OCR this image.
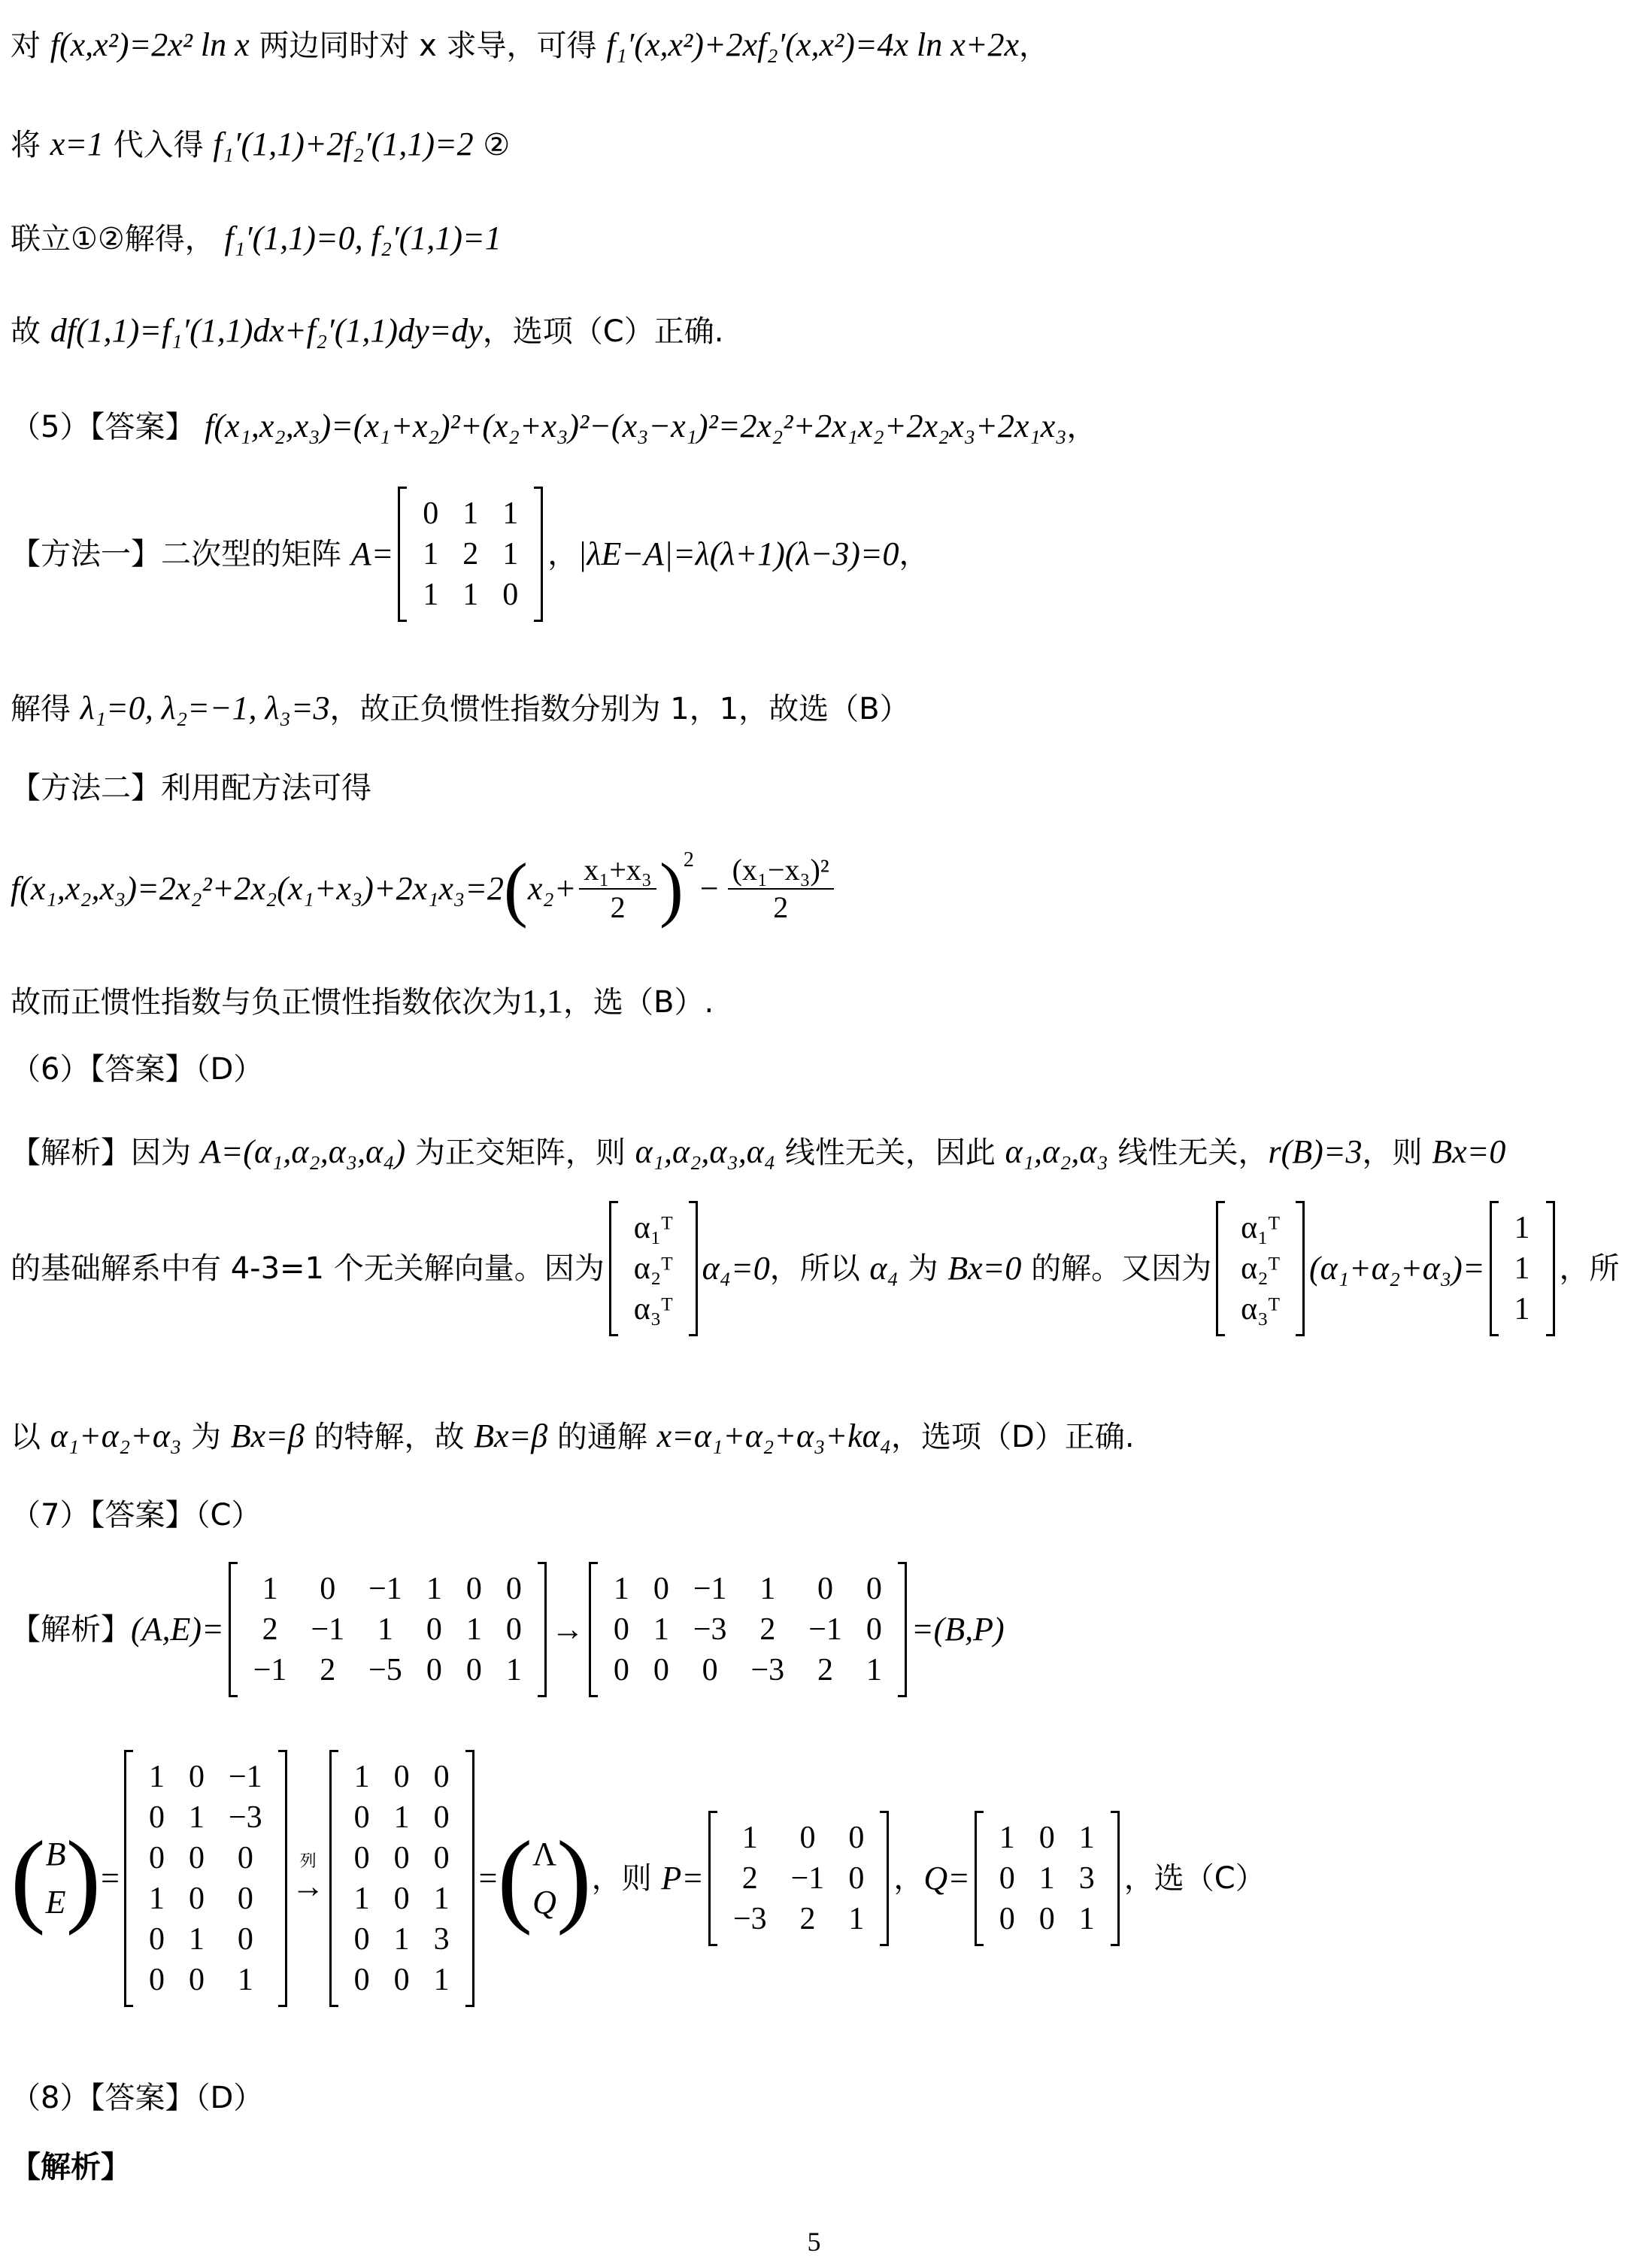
对 f(x,x²)=2x² ln x 两边同时对 x 求导，可得 f₁′(x,x²)+2xf₂′(x,x²)=4x ln x+2x，
将 x=1 代入得 f₁′(1,1)+2f₂′(1,1)=2 ②
联立①②解得， f₁′(1,1)=0, f₂′(1,1)=1
故 df(1,1)=f₁′(1,1)dx+f₂′(1,1)dy=dy，选项（C）正确.
（5）【答案】 f(x₁,x₂,x₃)=(x₁+x₂)²+(x₂+x₃)²−(x₃−x₁)²=2x₂²+2x₁x₂+2x₂x₃+2x₁x₃，
【方法一】二次型的矩阵 A=
0	1	1
1	2	1
1	1	0
，|λE−A|=λ(λ+1)(λ−3)=0，
解得 λ₁=0, λ₂=−1, λ₃=3，故正负惯性指数分别为 1，1，故选（B）
【方法二】利用配方法可得
$f(x_1,x_2,x_3)=2x_2^2+2x_2(x_1+x_3)+2x_1x_3=2(x_2+ \frac{\text{x₁+x₃}}{2} )^2- \frac{\text{(x₁−x₃)²}}{2}$
故而正惯性指数与负正惯性指数依次为1,1，选（B）.
（6）【答案】（D）
【解析】因为 A=(α₁,α₂,α₃,α₄) 为正交矩阵，则 α₁,α₂,α₃,α₄ 线性无关，因此 α₁,α₂,α₃ 线性无关，r(B)=3，则 Bx=0
的基础解系中有 4-3=1 个无关解向量。因为
α₁ᵀ
α₂ᵀ
α₃ᵀ
α₄=0，所以 α₄ 为 Bx=0 的解。又因为
α₁ᵀ
α₂ᵀ
α₃ᵀ
(α₁+α₂+α₃)=
1
1
1
，所
以 α₁+α₂+α₃ 为 Bx=β 的特解，故 Bx=β 的通解 x=α₁+α₂+α₃+kα₄，选项（D）正确.
（7）【答案】（C）
【解析】(A,E)=
1	0	−1	1	0	0
2	−1	1	0	1	0
−1	2	−5	0	0	1
→
1	0	−1	1	0	0
0	1	−3	2	−1	0
0	0	0	−3	2	1
=(B,P)
( B
E )=
1	0	−1
0	1	−3
0	0	0
1	0	0
0	1	0
0	0	1
列
→
1	0	0
0	1	0
0	0	0
1	0	1
0	1	3
0	0	1
=( Λ
Q )，则 P=
1	0	0
2	−1	0
−3	2	1
，Q=
1	0	1
0	1	3
0	0	1
，选（C）
（8）【答案】（D）
【解析】
5
